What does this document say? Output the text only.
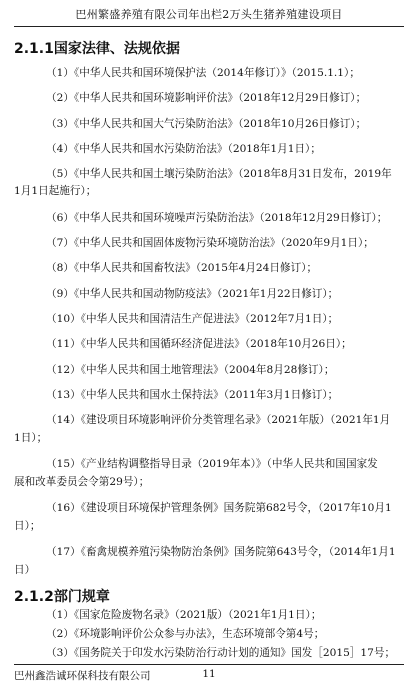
巴州繁盛养殖有限公司年出栏2万头生猪养殖建设项目
2.1.1国家法律、法规依据
（1）《中华人民共和国环境保护法（2014年修订）》（2015.1.1）；
（2）《中华人民共和国环境影响评价法》（2018年12月29日修订）；
（3）《中华人民共和国大气污染防治法》（2018年10月26日修订）；
（4）《中华人民共和国水污染防治法》（2018年1月1日）；
（5）《中华人民共和国土壤污染防治法》（2018年8月31日发布，2019年
1月1日起施行）；
（6）《中华人民共和国环境噪声污染防治法》（2018年12月29日修订）；
（7）《中华人民共和国固体废物污染环境防治法》（2020年9月1日）；
（8）《中华人民共和国畜牧法》（2015年4月24日修订）；
（9）《中华人民共和国动物防疫法》（2021年1月22日修订）；
（10）《中华人民共和国清洁生产促进法》（2012年7月1日）；
（11）《中华人民共和国循环经济促进法》（2018年10月26日）；
（12）《中华人民共和国土地管理法》（2004年8月28修订）；
（13）《中华人民共和国水土保持法》（2011年3月1日修订）；
（14）《建设项目环境影响评价分类管理名录》（2021年版）（2021年1月
1日）；
（15）《产业结构调整指导目录（2019年本）》（中华人民共和国国家发
展和改革委员会令第29号）；
（16）《建设项目环境保护管理条例》国务院第682号令，（2017年10月1
日）；
（17）《畜禽规模养殖污染物防治条例》国务院第643号令，（2014年1月1
日）
2.1.2部门规章
（1）《国家危险废物名录》（2021版）（2021年1月1日）；
（2）《环境影响评价公众参与办法》，生态环境部令第4号；
（3）《国务院关于印发水污染防治行动计划的通知》国发［2015］17号；
巴州鑫浩诚环保科技有限公司	11
